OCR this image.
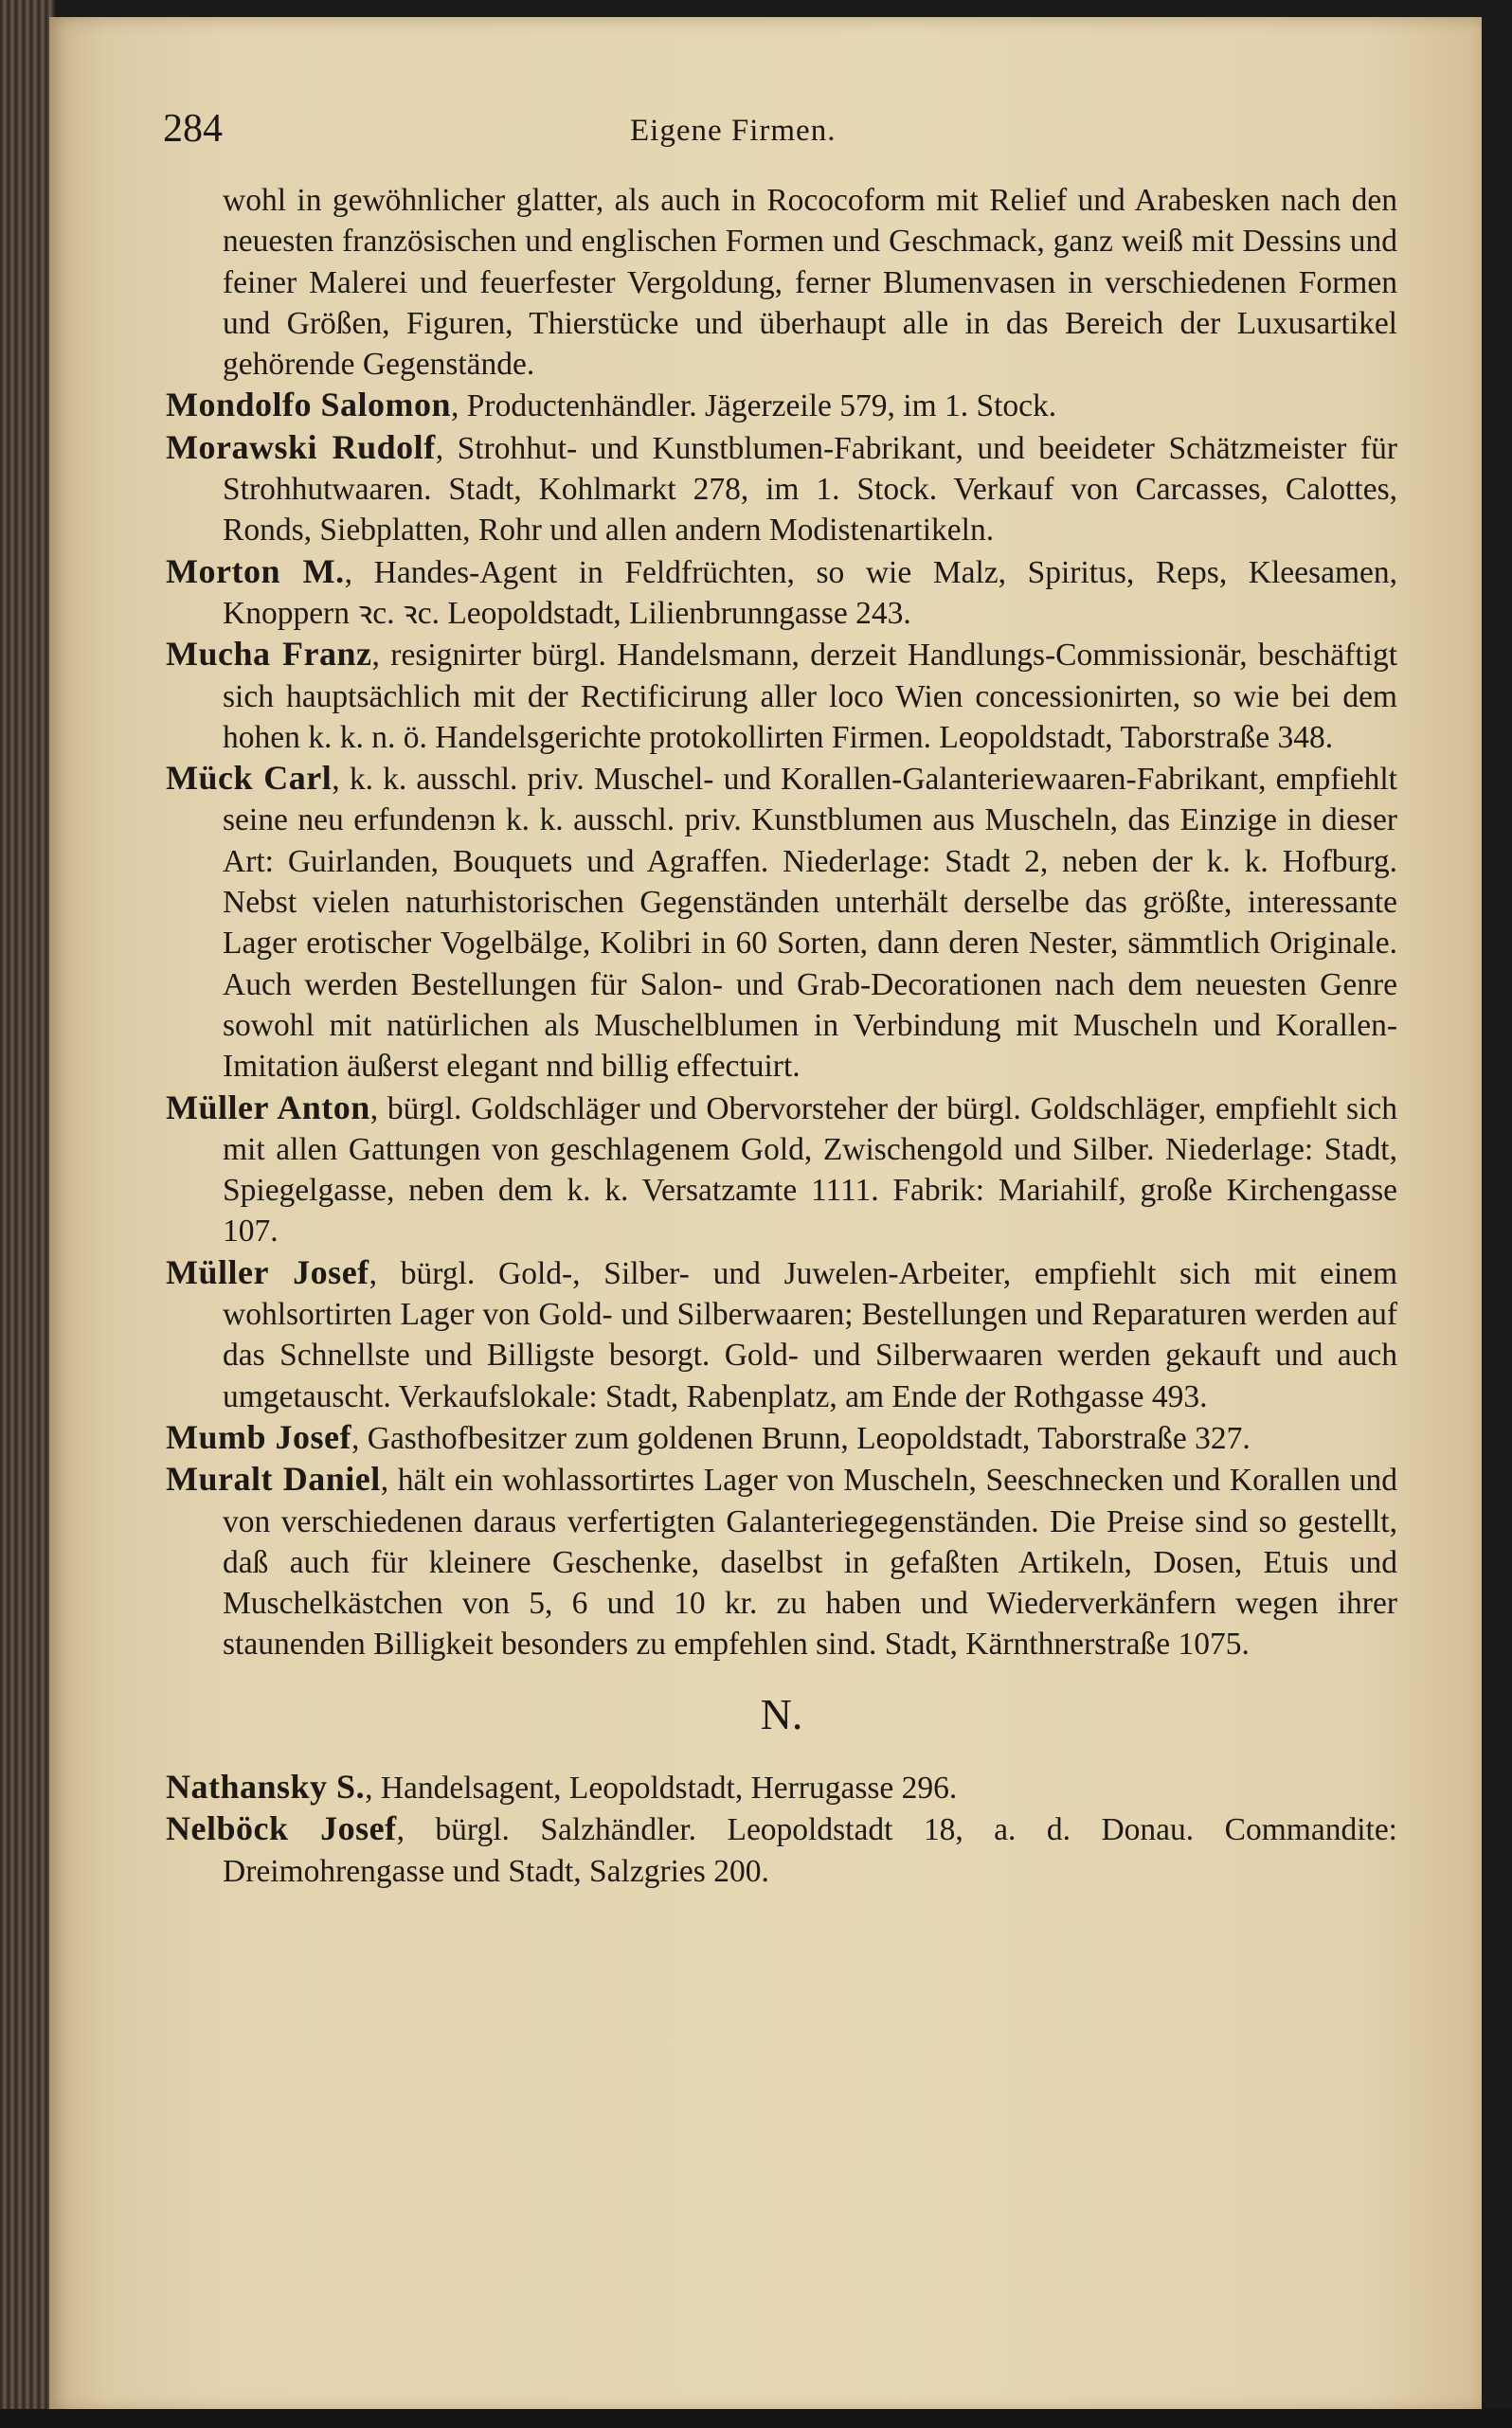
284	Eigene Firmen.

wohl in gewöhnlicher glatter, als auch in Rococoform mit Relief und Arabesken nach den neuesten französischen und englischen Formen und Geschmack, ganz weiß mit Dessins und feiner Malerei und feuerfester Vergoldung, ferner Blumenvasen in verschiedenen Formen und Größen, Figuren, Thierstücke und überhaupt alle in das Bereich der Luxusartikel gehörende Gegenstände.

Mondolfo Salomon, Productenhändler. Jägerzeile 579, im 1. Stock.

Morawski Rudolf, Strohhut- und Kunstblumen-Fabrikant, und beeideter Schätzmeister für Strohhutwaaren. Stadt, Kohlmarkt 278, im 1. Stock. Verkauf von Carcasses, Calottes, Ronds, Siebplatten, Rohr und allen andern Modistenartikeln.

Morton M., Handes-Agent in Feldfrüchten, so wie Malz, Spiritus, Reps, Kleesamen, Knoppern ꝛc. ꝛc. Leopoldstadt, Lilienbrunngasse 243.

Mucha Franz, resignirter bürgl. Handelsmann, derzeit Handlungs-Commissionär, beschäftigt sich hauptsächlich mit der Rectificirung aller loco Wien concessionirten, so wie bei dem hohen k. k. n. ö. Handelsgerichte protokollirten Firmen. Leopoldstadt, Taborstraße 348.

Mück Carl, k. k. ausschl. priv. Muschel- und Korallen-Galanteriewaaren-Fabrikant, empfiehlt seine neu erfundenэn k. k. ausschl. priv. Kunstblumen aus Muscheln, das Einzige in dieser Art: Guirlanden, Bouquets und Agraffen. Niederlage: Stadt 2, neben der k. k. Hofburg. Nebst vielen naturhistorischen Gegenständen unterhält derselbe das größte, interessante Lager erotischer Vogelbälge, Kolibri in 60 Sorten, dann deren Nester, sämmtlich Originale. Auch werden Bestellungen für Salon- und Grab-Decorationen nach dem neuesten Genre sowohl mit natürlichen als Muschelblumen in Verbindung mit Muscheln und Korallen-Imitation äußerst elegant nnd billig effectuirt.

Müller Anton, bürgl. Goldschläger und Obervorsteher der bürgl. Goldschläger, empfiehlt sich mit allen Gattungen von geschlagenem Gold, Zwischengold und Silber. Niederlage: Stadt, Spiegelgasse, neben dem k. k. Versatzamte 1111. Fabrik: Mariahilf, große Kirchengasse 107.

Müller Josef, bürgl. Gold-, Silber- und Juwelen-Arbeiter, empfiehlt sich mit einem wohlsortirten Lager von Gold- und Silberwaaren; Bestellungen und Reparaturen werden auf das Schnellste und Billigste besorgt. Gold- und Silberwaaren werden gekauft und auch umgetauscht. Verkaufslokale: Stadt, Rabenplatz, am Ende der Rothgasse 493.

Mumb Josef, Gasthofbesitzer zum goldenen Brunn, Leopoldstadt, Taborstraße 327.

Muralt Daniel, hält ein wohlassortirtes Lager von Muscheln, Seeschnecken und Korallen und von verschiedenen daraus verfertigten Galanteriegegenständen. Die Preise sind so gestellt, daß auch für kleinere Geschenke, daselbst in gefaßten Artikeln, Dosen, Etuis und Muschelkästchen von 5, 6 und 10 kr. zu haben und Wiederverkänfern wegen ihrer staunenden Billigkeit besonders zu empfehlen sind. Stadt, Kärnthnerstraße 1075.

N.

Nathansky S., Handelsagent, Leopoldstadt, Herrugasse 296.

Nelböck Josef, bürgl. Salzhändler. Leopoldstadt 18, a. d. Donau. Commandite: Dreimohrengasse und Stadt, Salzgries 200.
